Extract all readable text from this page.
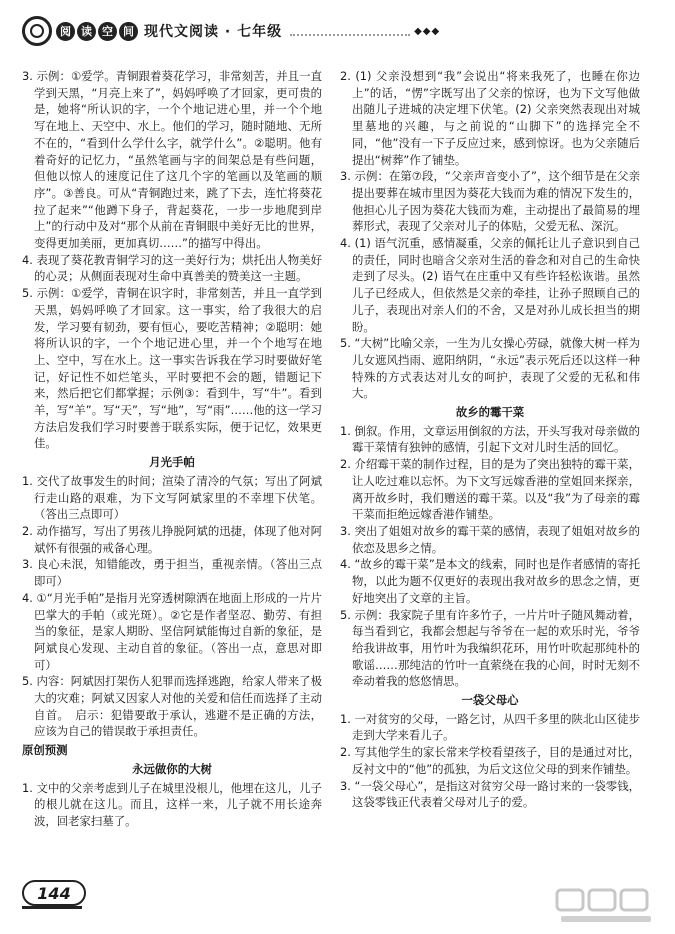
阅 读 空 间 现代文阅读 · 七年级	◆◆◆

3. 示例：①爱学。青铜跟着葵花学习，非常刻苦，并且一直学到天黑，“月亮上来了”，妈妈呼唤了才回家，更可贵的是，她将“所认识的字，一个个地记进心里，并一个个地写在地上、天空中、水上。他们的学习，随时随地、无所不在的，“看到什么学什么字，就学什么”。②聪明。他有着奇好的记忆力，“虽然笔画与字的间架总是有些问题，但他以惊人的速度记住了这几个字的笔画以及笔画的顺序”。③善良。可从“青铜跑过来，跳了下去，连忙将葵花拉了起来”“他蹲下身子，背起葵花，一步一步地爬到岸上”的行动中及对“那个从前在青铜眼中美好无比的世界，变得更加美丽，更加真切……”的描写中得出。

4. 表现了葵花教青铜学习的这一美好行为；烘托出人物美好的心灵；从侧面表现对生命中真善美的赞美这一主题。

5. 示例：①爱学，青铜在识字时，非常刻苦，并且一直学到天黑，妈妈呼唤了才回家。这一事实，给了我很大的启发，学习要有韧劲，要有恒心，要吃苦精神；②聪明：她将所认识的字，一个个地记进心里，并一个个地写在地上、空中，写在水上。这一事实告诉我在学习时要做好笔记，好记性不如烂笔头，平时要把不会的题，错题记下来，然后把它们都掌握；示例③：看到牛，写“牛”。看到羊，写“羊”。写“天”，写“地”，写“雨”……他的这一学习方法启发我们学习时要善于联系实际，便于记忆，效果更佳。

月光手帕

1. 交代了故事发生的时间；渲染了清冷的气氛；写出了阿斌行走山路的艰难，为下文写阿斌家里的不幸埋下伏笔。（答出三点即可）

2. 动作描写，写出了男孩儿挣脱阿斌的迅捷，体现了他对阿斌怀有很强的戒备心理。

3. 良心未泯，知错能改，勇于担当，重视亲情。（答出三点即可）

4. ①“月光手帕”是指月光穿透树隙洒在地面上形成的一片片巴掌大的手帕（或光斑）。②它是作者坚忍、勤劳、有担当的象征，是家人期盼、坚信阿斌能悔过自新的象征，是阿斌良心发现、主动自首的象征。（答出一点，意思对即可）

5. 内容：阿斌因打架伤人犯罪而选择逃跑，给家人带来了极大的灾难；阿斌又因家人对他的关爱和信任而选择了主动自首。　启示：犯错要敢于承认，逃避不是正确的方法，应该为自己的错误敢于承担责任。

原创预测

永远做你的大树

1. 文中的父亲考虑到儿子在城里没根儿，他埋在这儿，儿子的根儿就在这儿。而且，这样一来，儿子就不用长途奔波，回老家扫墓了。

2. (1) 父亲没想到“我”会说出“将来我死了，也睡在你边上”的话，“愣”字既写出了父亲的惊讶，也为下文写他做出随儿子进城的决定埋下伏笔。(2) 父亲突然表现出对城里墓地的兴趣，与之前说的“山脚下”的选择完全不同，“他”没有一下子反应过来，感到惊讶。也为父亲随后提出“树葬”作了铺垫。

3. 示例：在第⑦段，“父亲声音变小了”，这个细节是在父亲提出要葬在城市里因为葵花大钱而为难的情况下发生的，他担心儿子因为葵花大钱而为难，主动提出了最简易的埋葬形式，表现了父亲对儿子的体贴，父爱无私、深沉。

4. (1) 语气沉重，感情凝重，父亲的佩托让儿子意识到自己的责任，同时也暗含父亲对生活的眷念和对自己的生命快走到了尽头。(2) 语气在庄重中又有些许轻松诙谐。虽然儿子已经成人，但依然是父亲的牵挂，让孙子照顾自己的儿子，表现出对亲人们的不舍，又是对孙儿成长担当的期盼。

5. “大树”比喻父亲，一生为儿女操心劳碌，就像大树一样为儿女遮风挡雨、遮阳纳阴，“永远”表示死后还以这样一种特殊的方式表达对儿女的呵护，表现了父爱的无私和伟大。

故乡的霉干菜

1. 倒叙。作用，文章运用倒叙的方法，开头写我对母亲做的霉干菜情有独钟的感情，引起下文对儿时生活的回忆。

2. 介绍霉干菜的制作过程，目的是为了突出独特的霉干菜，让人吃过难以忘怀。为下文写远嫁香港的堂姐回来探亲，离开故乡时，我们赠送的霉干菜。以及“我”为了母亲的霉干菜而拒绝远嫁香港作铺垫。

3. 突出了姐姐对故乡的霉干菜的感情，表现了姐姐对故乡的依恋及思乡之情。

4. “故乡的霉干菜”是本文的线索，同时也是作者感情的寄托物，以此为题不仅更好的表现出我对故乡的思念之情，更好地突出了文章的主旨。

5. 示例：我家院子里有许多竹子，一片片叶子随风舞动着，每当看到它，我都会想起与爷爷在一起的欢乐时光，爷爷给我讲故事，用竹叶为我编织花环，用竹叶吹起那纯朴的歌谣……那纯洁的竹叶一直萦绕在我的心间，时时无刻不牵动着我的悠悠情思。

一袋父母心

1. 一对贫穷的父母，一路乞讨，从四千多里的陕北山区徒步走到大学来看儿子。

2. 写其他学生的家长常来学校看望孩子，目的是通过对比，反衬文中的“他”的孤独，为后文这位父母的到来作铺垫。

3. “一袋父母心”，是指这对贫穷父母一路讨来的一袋零钱，这袋零钱正代表着父母对儿子的爱。

144
